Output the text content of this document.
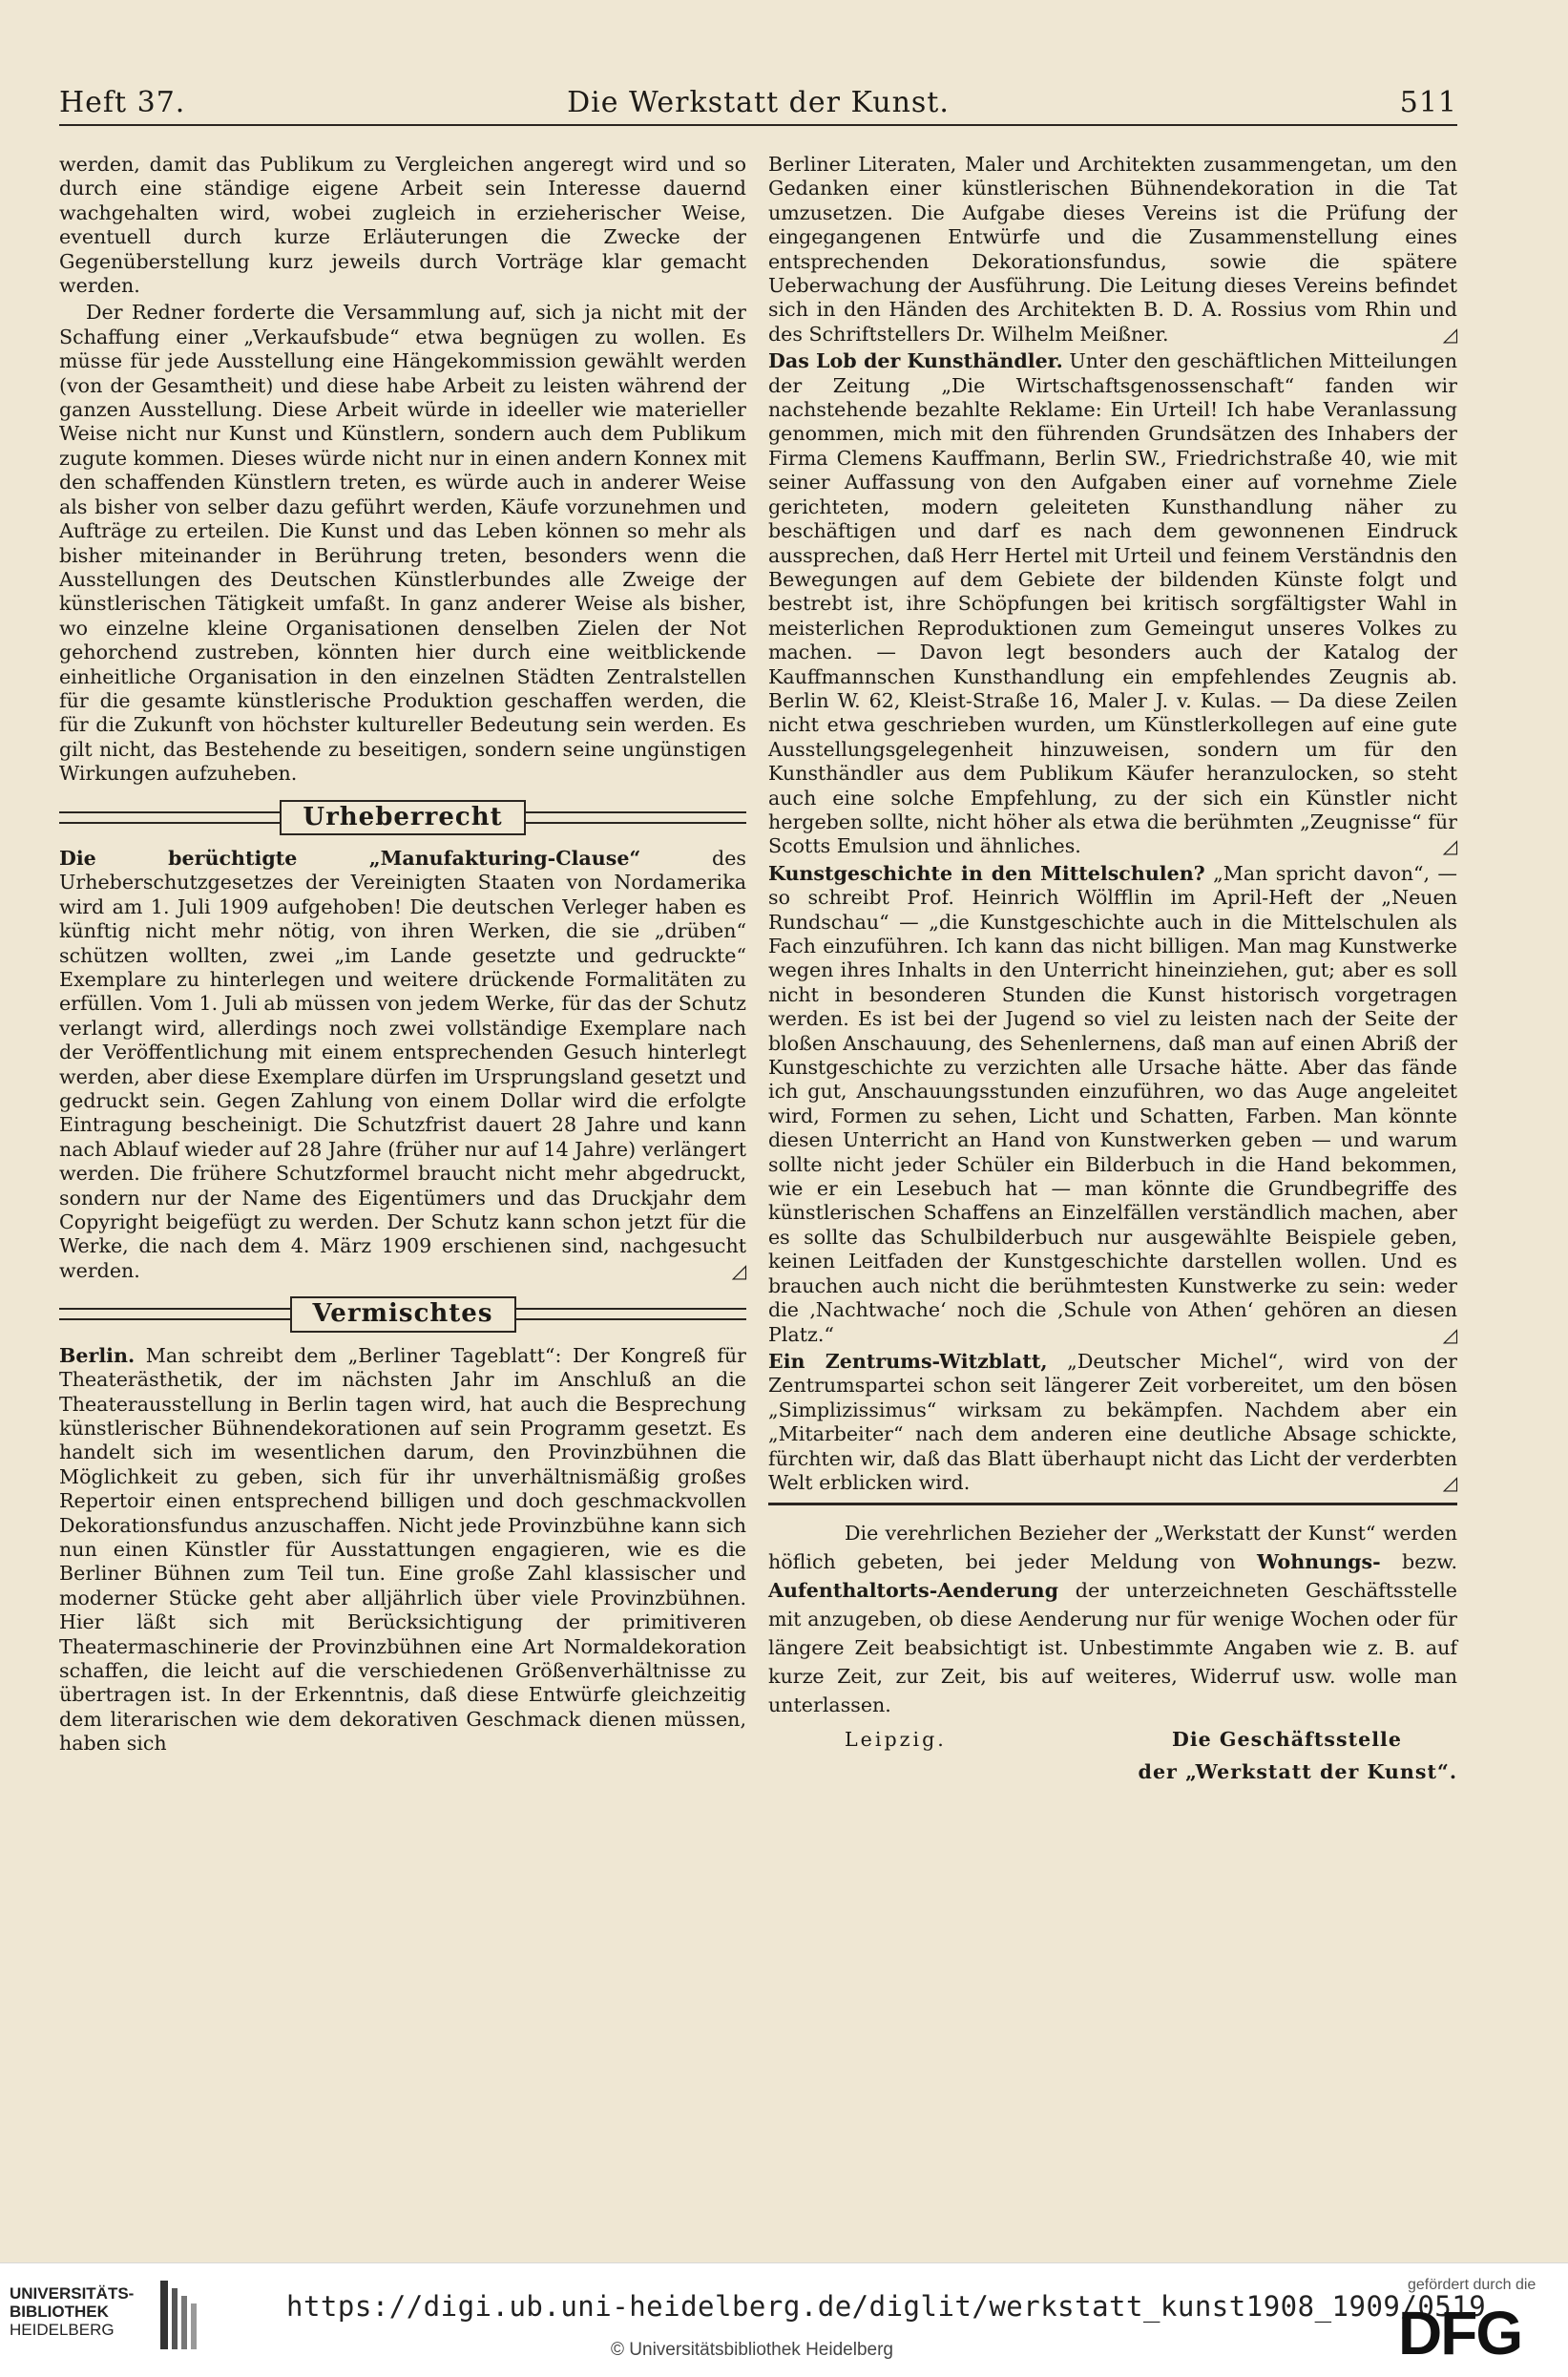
Heft 37.	Die Werkstatt der Kunst.	511

werden, damit das Publikum zu Vergleichen angeregt wird und so durch eine ständige eigene Arbeit sein Interesse dauernd wachgehalten wird, wobei zugleich in erzieherischer Weise, eventuell durch kurze Erläuterungen die Zwecke der Gegenüberstellung kurz jeweils durch Vorträge klar gemacht werden.

Der Redner forderte die Versammlung auf, sich ja nicht mit der Schaffung einer „Verkaufsbude“ etwa begnügen zu wollen. Es müsse für jede Ausstellung eine Hängekommission gewählt werden (von der Gesamtheit) und diese habe Arbeit zu leisten während der ganzen Ausstellung. Diese Arbeit würde in ideeller wie materieller Weise nicht nur Kunst und Künstlern, sondern auch dem Publikum zugute kommen. Dieses würde nicht nur in einen andern Konnex mit den schaffenden Künstlern treten, es würde auch in anderer Weise als bisher von selber dazu geführt werden, Käufe vorzunehmen und Aufträge zu erteilen. Die Kunst und das Leben können so mehr als bisher miteinander in Berührung treten, besonders wenn die Ausstellungen des Deutschen Künstlerbundes alle Zweige der künstlerischen Tätigkeit umfaßt. In ganz anderer Weise als bisher, wo einzelne kleine Organisationen denselben Zielen der Not gehorchend zustreben, könnten hier durch eine weitblickende einheitliche Organisation in den einzelnen Städten Zentralstellen für die gesamte künstlerische Produktion geschaffen werden, die für die Zukunft von höchster kultureller Bedeutung sein werden. Es gilt nicht, das Bestehende zu beseitigen, sondern seine ungünstigen Wirkungen aufzuheben.

Urheberrecht

Die berüchtigte „Manufakturing-Clause“ des Urheberschutzgesetzes der Vereinigten Staaten von Nordamerika wird am 1. Juli 1909 aufgehoben! Die deutschen Verleger haben es künftig nicht mehr nötig, von ihren Werken, die sie „drüben“ schützen wollten, zwei „im Lande gesetzte und gedruckte“ Exemplare zu hinterlegen und weitere drückende Formalitäten zu erfüllen. Vom 1. Juli ab müssen von jedem Werke, für das der Schutz verlangt wird, allerdings noch zwei vollständige Exemplare nach der Veröffentlichung mit einem entsprechenden Gesuch hinterlegt werden, aber diese Exemplare dürfen im Ursprungsland gesetzt und gedruckt sein. Gegen Zahlung von einem Dollar wird die erfolgte Eintragung bescheinigt. Die Schutzfrist dauert 28 Jahre und kann nach Ablauf wieder auf 28 Jahre (früher nur auf 14 Jahre) verlängert werden. Die frühere Schutzformel braucht nicht mehr abgedruckt, sondern nur der Name des Eigentümers und das Druckjahr dem Copyright beigefügt zu werden. Der Schutz kann schon jetzt für die Werke, die nach dem 4. März 1909 erschienen sind, nachgesucht werden.	◿

Vermischtes

Berlin. Man schreibt dem „Berliner Tageblatt“: Der Kongreß für Theaterästhetik, der im nächsten Jahr im Anschluß an die Theaterausstellung in Berlin tagen wird, hat auch die Besprechung künstlerischer Bühnendekorationen auf sein Programm gesetzt. Es handelt sich im wesentlichen darum, den Provinzbühnen die Möglichkeit zu geben, sich für ihr unverhältnismäßig großes Repertoir einen entsprechend billigen und doch geschmackvollen Dekorationsfundus anzuschaffen. Nicht jede Provinzbühne kann sich nun einen Künstler für Ausstattungen engagieren, wie es die Berliner Bühnen zum Teil tun. Eine große Zahl klassischer und moderner Stücke geht aber alljährlich über viele Provinzbühnen. Hier läßt sich mit Berücksichtigung der primitiveren Theatermaschinerie der Provinzbühnen eine Art Normaldekoration schaffen, die leicht auf die verschiedenen Größenverhältnisse zu übertragen ist. In der Erkenntnis, daß diese Entwürfe gleichzeitig dem literarischen wie dem dekorativen Geschmack dienen müssen, haben sich

Berliner Literaten, Maler und Architekten zusammengetan, um den Gedanken einer künstlerischen Bühnendekoration in die Tat umzusetzen. Die Aufgabe dieses Vereins ist die Prüfung der eingegangenen Entwürfe und die Zusammenstellung eines entsprechenden Dekorationsfundus, sowie die spätere Ueberwachung der Ausführung. Die Leitung dieses Vereins befindet sich in den Händen des Architekten B. D. A. Rossius vom Rhin und des Schriftstellers Dr. Wilhelm Meißner.	◿

Das Lob der Kunsthändler. Unter den geschäftlichen Mitteilungen der Zeitung „Die Wirtschaftsgenossenschaft“ fanden wir nachstehende bezahlte Reklame: Ein Urteil! Ich habe Veranlassung genommen, mich mit den führenden Grundsätzen des Inhabers der Firma Clemens Kauffmann, Berlin SW., Friedrichstraße 40, wie mit seiner Auffassung von den Aufgaben einer auf vornehme Ziele gerichteten, modern geleiteten Kunsthandlung näher zu beschäftigen und darf es nach dem gewonnenen Eindruck aussprechen, daß Herr Hertel mit Urteil und feinem Verständnis den Bewegungen auf dem Gebiete der bildenden Künste folgt und bestrebt ist, ihre Schöpfungen bei kritisch sorgfältigster Wahl in meisterlichen Reproduktionen zum Gemeingut unseres Volkes zu machen. — Davon legt besonders auch der Katalog der Kauffmannschen Kunsthandlung ein empfehlendes Zeugnis ab. Berlin W. 62, Kleist-Straße 16, Maler J. v. Kulas. — Da diese Zeilen nicht etwa geschrieben wurden, um Künstlerkollegen auf eine gute Ausstellungsgelegenheit hinzuweisen, sondern um für den Kunsthändler aus dem Publikum Käufer heranzulocken, so steht auch eine solche Empfehlung, zu der sich ein Künstler nicht hergeben sollte, nicht höher als etwa die berühmten „Zeugnisse“ für Scotts Emulsion und ähnliches.	◿

Kunstgeschichte in den Mittelschulen? „Man spricht davon“, — so schreibt Prof. Heinrich Wölfflin im April-Heft der „Neuen Rundschau“ — „die Kunstgeschichte auch in die Mittelschulen als Fach einzuführen. Ich kann das nicht billigen. Man mag Kunstwerke wegen ihres Inhalts in den Unterricht hineinziehen, gut; aber es soll nicht in besonderen Stunden die Kunst historisch vorgetragen werden. Es ist bei der Jugend so viel zu leisten nach der Seite der bloßen Anschauung, des Sehenlernens, daß man auf einen Abriß der Kunstgeschichte zu verzichten alle Ursache hätte. Aber das fände ich gut, Anschauungsstunden einzuführen, wo das Auge angeleitet wird, Formen zu sehen, Licht und Schatten, Farben. Man könnte diesen Unterricht an Hand von Kunstwerken geben — und warum sollte nicht jeder Schüler ein Bilderbuch in die Hand bekommen, wie er ein Lesebuch hat — man könnte die Grundbegriffe des künstlerischen Schaffens an Einzelfällen verständlich machen, aber es sollte das Schulbilderbuch nur ausgewählte Beispiele geben, keinen Leitfaden der Kunstgeschichte darstellen wollen. Und es brauchen auch nicht die berühmtesten Kunstwerke zu sein: weder die ‚Nachtwache‘ noch die ‚Schule von Athen‘ gehören an diesen Platz.“	◿

Ein Zentrums-Witzblatt, „Deutscher Michel“, wird von der Zentrumspartei schon seit längerer Zeit vorbereitet, um den bösen „Simplizissimus“ wirksam zu bekämpfen. Nachdem aber ein „Mitarbeiter“ nach dem anderen eine deutliche Absage schickte, fürchten wir, daß das Blatt überhaupt nicht das Licht der verderbten Welt erblicken wird.	◿

Die verehrlichen Bezieher der „Werkstatt der Kunst“ werden höflich gebeten, bei jeder Meldung von Wohnungs- bezw. Aufenthaltorts-Aenderung der unterzeichneten Geschäftsstelle mit anzugeben, ob diese Aenderung nur für wenige Wochen oder für längere Zeit beabsichtigt ist. Unbestimmte Angaben wie z. B. auf kurze Zeit, zur Zeit, bis auf weiteres, Widerruf usw. wolle man unterlassen.

Leipzig.	Die Geschäftsstelle
der „Werkstatt der Kunst“.
UNIVERSITÄTS-
BIBLIOTHEK
HEIDELBERG
https://digi.ub.uni-heidelberg.de/diglit/werkstatt_kunst1908_1909/0519
© Universitätsbibliothek Heidelberg
gefördert durch die
DFG
